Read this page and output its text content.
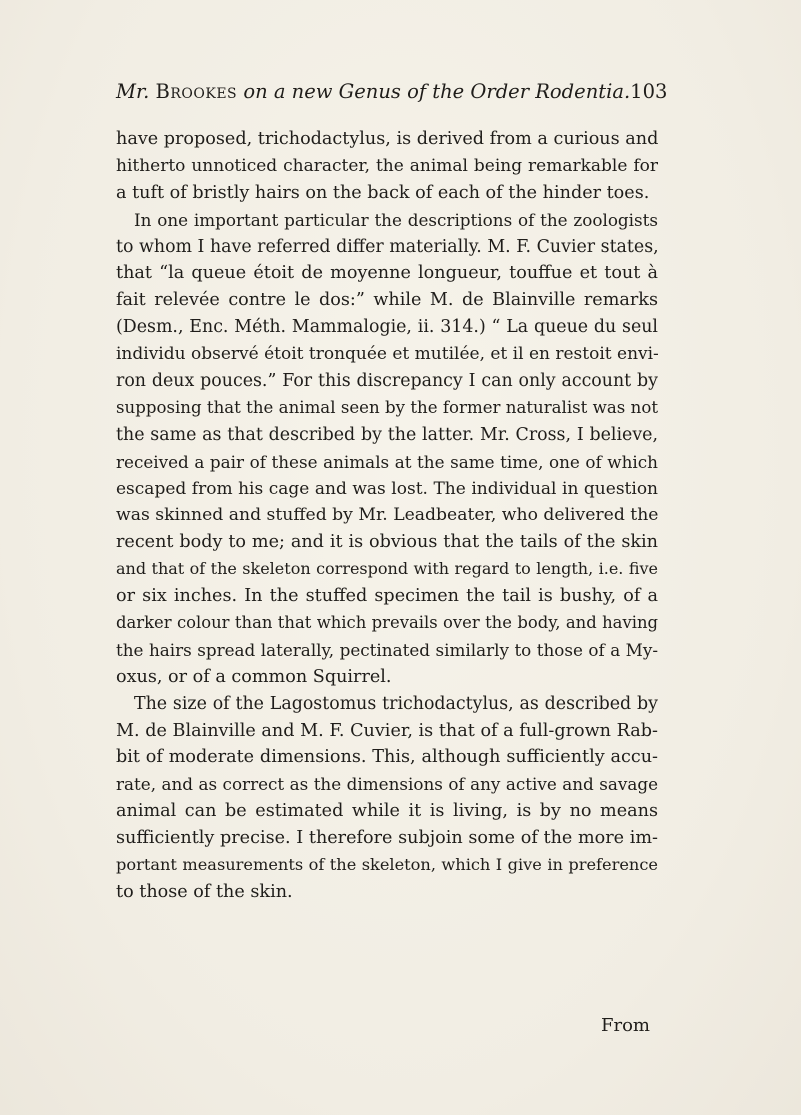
Mr. Brookes on a new Genus of the Order Rodentia. 103
have proposed, trichodactylus, is derived from a curious and
hitherto unnoticed character, the animal being remarkable for
a tuft of bristly hairs on the back of each of the hinder toes.
In one important particular the descriptions of the zoologists
to whom I have referred differ materially. M. F. Cuvier states,
that “la queue étoit de moyenne longueur, touffue et tout à
fait relevée contre le dos:” while M. de Blainville remarks
(Desm., Enc. Méth. Mammalogie, ii. 314.) “ La queue du seul
individu observé étoit tronquée et mutilée, et il en restoit envi-
ron deux pouces.” For this discrepancy I can only account by
supposing that the animal seen by the former naturalist was not
the same as that described by the latter. Mr. Cross, I believe,
received a pair of these animals at the same time, one of which
escaped from his cage and was lost. The individual in question
was skinned and stuffed by Mr. Leadbeater, who delivered the
recent body to me; and it is obvious that the tails of the skin
and that of the skeleton correspond with regard to length, i.e. five
or six inches. In the stuffed specimen the tail is bushy, of a
darker colour than that which prevails over the body, and having
the hairs spread laterally, pectinated similarly to those of a My-
oxus, or of a common Squirrel.
The size of the Lagostomus trichodactylus, as described by
M. de Blainville and M. F. Cuvier, is that of a full-grown Rab-
bit of moderate dimensions. This, although sufficiently accu-
rate, and as correct as the dimensions of any active and savage
animal can be estimated while it is living, is by no means
sufficiently precise. I therefore subjoin some of the more im-
portant measurements of the skeleton, which I give in preference
to those of the skin.
From
